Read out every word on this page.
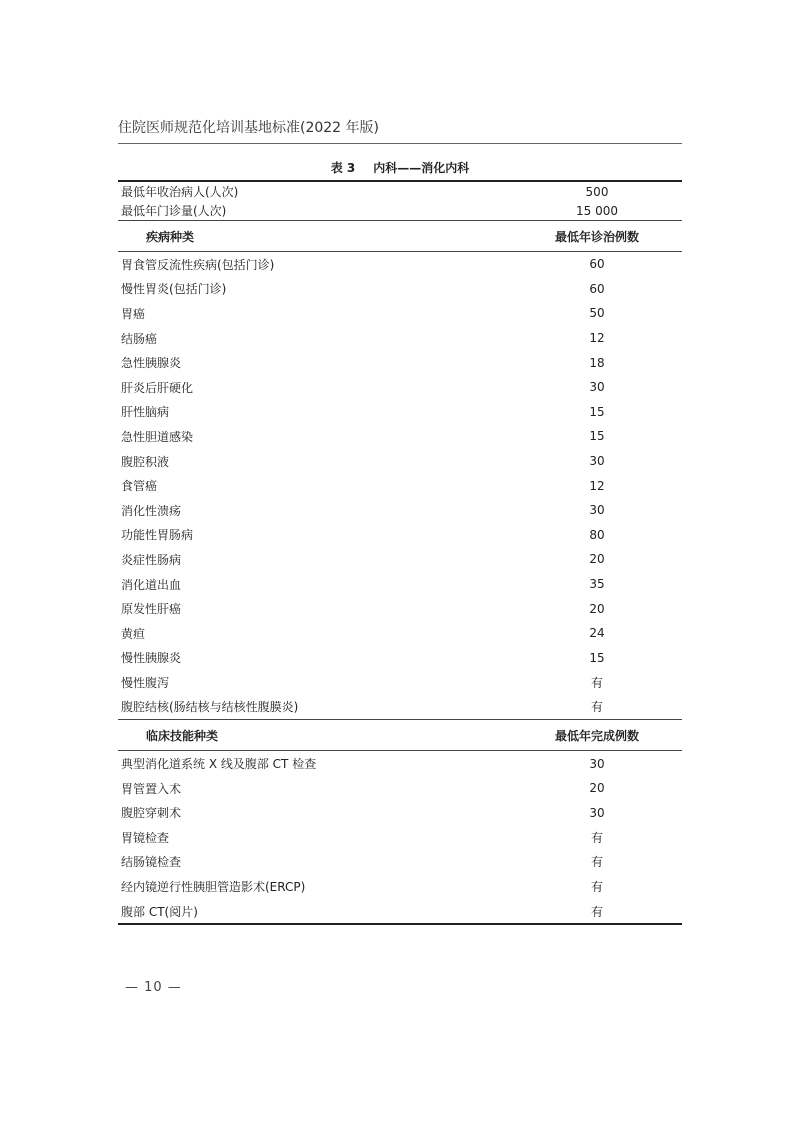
住院医师规范化培训基地标准(2022 年版)
表 3 内科——消化内科
最低年收治病人(人次)	500
最低年门诊量(人次)	15 000
疾病种类	最低年诊治例数
胃食管反流性疾病(包括门诊)	60
慢性胃炎(包括门诊)	60
胃癌	50
结肠癌	12
急性胰腺炎	18
肝炎后肝硬化	30
肝性脑病	15
急性胆道感染	15
腹腔积液	30
食管癌	12
消化性溃疡	30
功能性胃肠病	80
炎症性肠病	20
消化道出血	35
原发性肝癌	20
黄疸	24
慢性胰腺炎	15
慢性腹泻	有
腹腔结核(肠结核与结核性腹膜炎)	有
临床技能种类	最低年完成例数
典型消化道系统 X 线及腹部 CT 检查	30
胃管置入术	20
腹腔穿刺术	30
胃镜检查	有
结肠镜检查	有
经内镜逆行性胰胆管造影术(ERCP)	有
腹部 CT(阅片)	有
— 10 —
